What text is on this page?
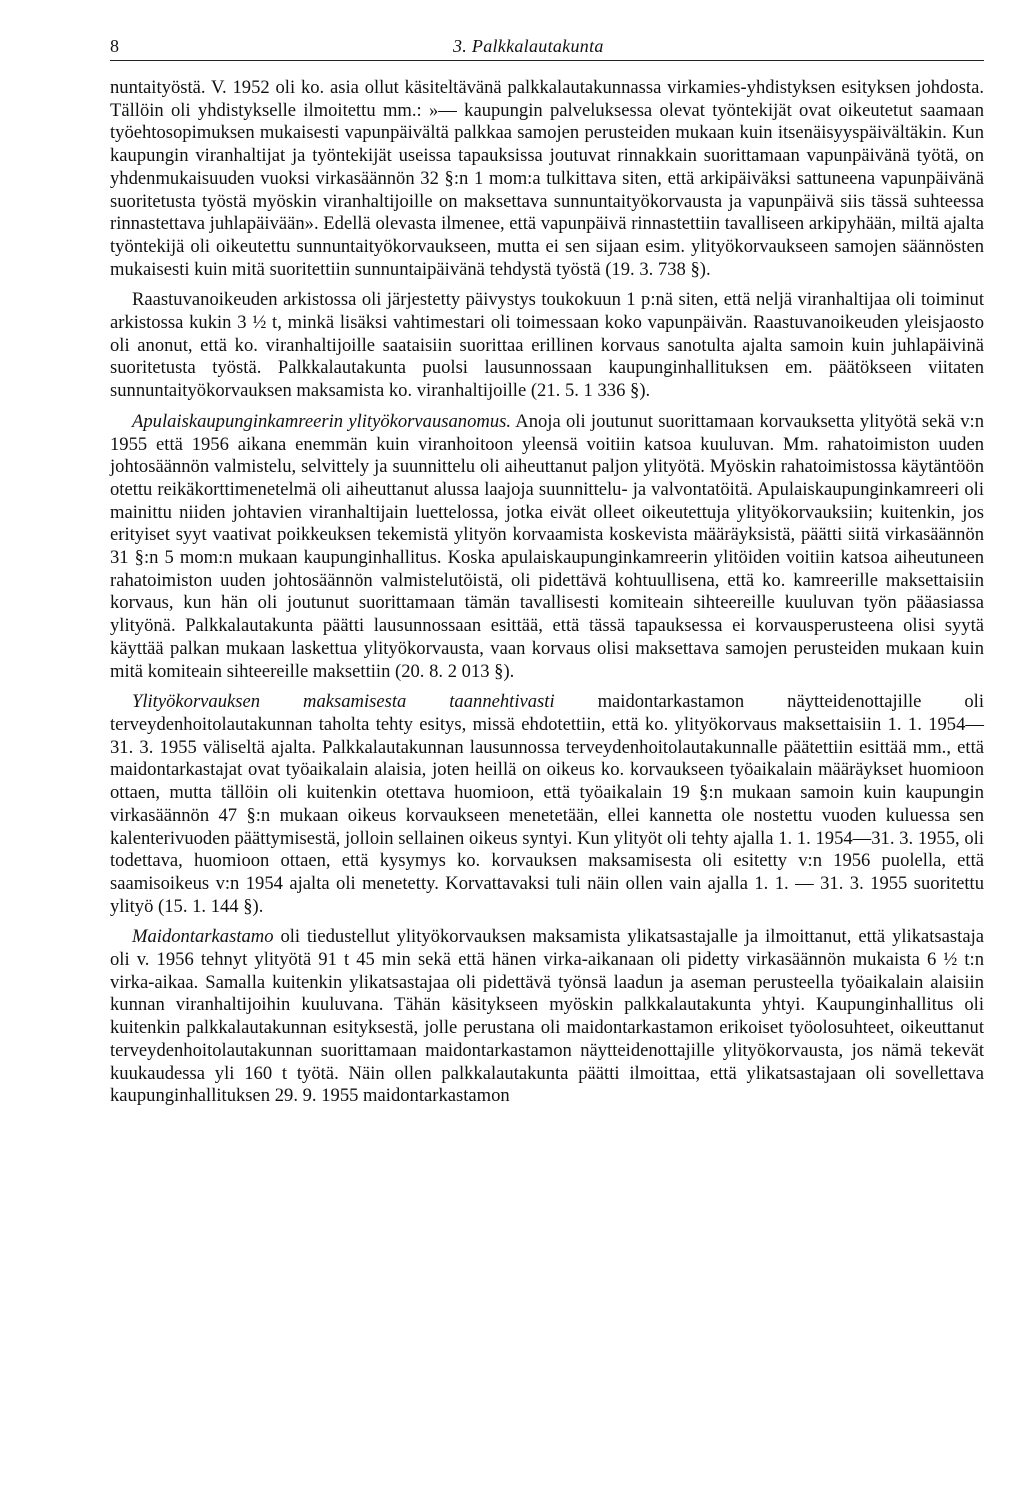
8	3. Palkkalautakunta

nuntaityöstä. V. 1952 oli ko. asia ollut käsiteltävänä palkkalautakunnassa virkamies-yhdistyksen esityksen johdosta. Tällöin oli yhdistykselle ilmoitettu mm.: »— kaupungin palveluksessa olevat työntekijät ovat oikeutetut saamaan työehtosopimuksen mukaisesti vapunpäivältä palkkaa samojen perusteiden mukaan kuin itsenäisyyspäivältäkin. Kun kaupungin viranhaltijat ja työntekijät useissa tapauksissa joutuvat rinnakkain suorittamaan vapunpäivänä työtä, on yhdenmukaisuuden vuoksi virkasäännön 32 §:n 1 mom:a tulkittava siten, että arkipäiväksi sattuneena vapunpäivänä suoritetusta työstä myöskin viranhaltijoille on maksettava sunnuntaityökorvausta ja vapunpäivä siis tässä suhteessa rinnastettava juhlapäivään». Edellä olevasta ilmenee, että vapunpäivä rinnastettiin tavalliseen arkipyhään, miltä ajalta työntekijä oli oikeutettu sunnuntaityökorvaukseen, mutta ei sen sijaan esim. ylityökorvaukseen samojen säännösten mukaisesti kuin mitä suoritettiin sunnuntaipäivänä tehdystä työstä (19. 3. 738 §).

Raastuvanoikeuden arkistossa oli järjestetty päivystys toukokuun 1 p:nä siten, että neljä viranhaltijaa oli toiminut arkistossa kukin 3 ½ t, minkä lisäksi vahtimestari oli toimessaan koko vapunpäivän. Raastuvanoikeuden yleisjaosto oli anonut, että ko. viranhaltijoille saataisiin suorittaa erillinen korvaus sanotulta ajalta samoin kuin juhlapäivinä suoritetusta työstä. Palkkalautakunta puolsi lausunnossaan kaupunginhallituksen em. päätökseen viitaten sunnuntaityökorvauksen maksamista ko. viranhaltijoille (21. 5. 1 336 §).

Apulaiskaupunginkamreerin ylityökorvausanomus. Anoja oli joutunut suorittamaan korvauksetta ylityötä sekä v:n 1955 että 1956 aikana enemmän kuin viranhoitoon yleensä voitiin katsoa kuuluvan. Mm. rahatoimiston uuden johtosäännön valmistelu, selvittely ja suunnittelu oli aiheuttanut paljon ylityötä. Myöskin rahatoimistossa käytäntöön otettu reikäkorttimenetelmä oli aiheuttanut alussa laajoja suunnittelu- ja valvontatöitä. Apulaiskaupunginkamreeri oli mainittu niiden johtavien viranhaltijain luettelossa, jotka eivät olleet oikeutettuja ylityökorvauksiin; kuitenkin, jos erityiset syyt vaativat poikkeuksen tekemistä ylityön korvaamista koskevista määräyksistä, päätti siitä virkasäännön 31 §:n 5 mom:n mukaan kaupunginhallitus. Koska apulaiskaupunginkamreerin ylitöiden voitiin katsoa aiheutuneen rahatoimiston uuden johtosäännön valmistelutöistä, oli pidettävä kohtuullisena, että ko. kamreerille maksettaisiin korvaus, kun hän oli joutunut suorittamaan tämän tavallisesti komiteain sihteereille kuuluvan työn pääasiassa ylityönä. Palkkalautakunta päätti lausunnossaan esittää, että tässä tapauksessa ei korvausperusteena olisi syytä käyttää palkan mukaan laskettua ylityökorvausta, vaan korvaus olisi maksettava samojen perusteiden mukaan kuin mitä komiteain sihteereille maksettiin (20. 8. 2 013 §).

Ylityökorvauksen maksamisesta taannehtivasti maidontarkastamon näytteidenottajille oli terveydenhoitolautakunnan taholta tehty esitys, missä ehdotettiin, että ko. ylityökorvaus maksettaisiin 1. 1. 1954—31. 3. 1955 väliseltä ajalta. Palkkalautakunnan lausunnossa terveydenhoitolautakunnalle päätettiin esittää mm., että maidontarkastajat ovat työaikalain alaisia, joten heillä on oikeus ko. korvaukseen työaikalain määräykset huomioon ottaen, mutta tällöin oli kuitenkin otettava huomioon, että työaikalain 19 §:n mukaan samoin kuin kaupungin virkasäännön 47 §:n mukaan oikeus korvaukseen menetetään, ellei kannetta ole nostettu vuoden kuluessa sen kalenterivuoden päättymisestä, jolloin sellainen oikeus syntyi. Kun ylityöt oli tehty ajalla 1. 1. 1954—31. 3. 1955, oli todettava, huomioon ottaen, että kysymys ko. korvauksen maksamisesta oli esitetty v:n 1956 puolella, että saamisoikeus v:n 1954 ajalta oli menetetty. Korvattavaksi tuli näin ollen vain ajalla 1. 1. — 31. 3. 1955 suoritettu ylityö (15. 1. 144 §).

Maidontarkastamo oli tiedustellut ylityökorvauksen maksamista ylikatsastajalle ja ilmoittanut, että ylikatsastaja oli v. 1956 tehnyt ylityötä 91 t 45 min sekä että hänen virka-aikanaan oli pidetty virkasäännön mukaista 6 ½ t:n virka-aikaa. Samalla kuitenkin ylikatsastajaa oli pidettävä työnsä laadun ja aseman perusteella työaikalain alaisiin kunnan viranhaltijoihin kuuluvana. Tähän käsitykseen myöskin palkkalautakunta yhtyi. Kaupunginhallitus oli kuitenkin palkkalautakunnan esityksestä, jolle perustana oli maidontarkastamon erikoiset työolosuhteet, oikeuttanut terveydenhoitolautakunnan suorittamaan maidontarkastamon näytteidenottajille ylityökorvausta, jos nämä tekevät kuukaudessa yli 160 t työtä. Näin ollen palkkalautakunta päätti ilmoittaa, että ylikatsastajaan oli sovellettava kaupunginhallituksen 29. 9. 1955 maidontarkastamon
